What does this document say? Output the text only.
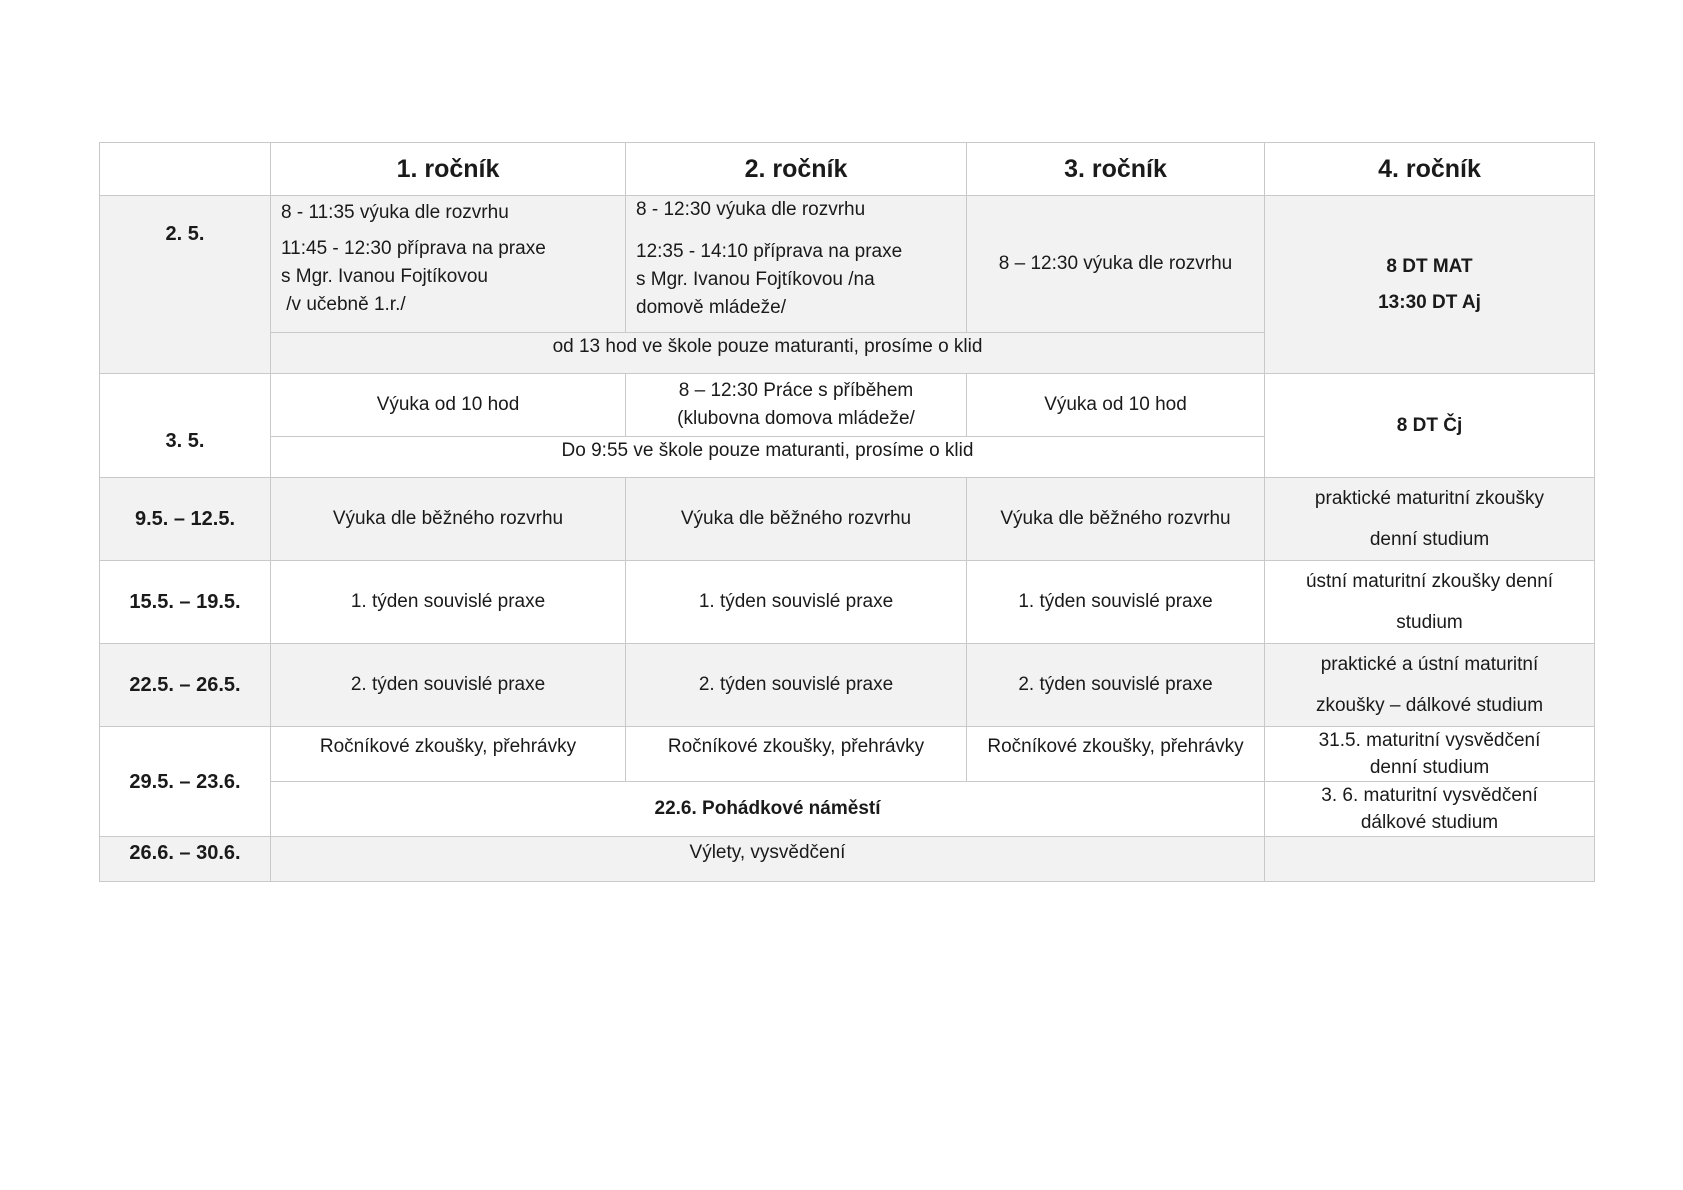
	1. ročník	2. ročník	3. ročník	4. ročník
2. 5.	8 - 11:35 výuka dle rozvrhu
11:45 - 12:30 příprava na praxe
s Mgr. Ivanou Fojtíkovou
/v učebně 1.r./	8 - 12:30 výuka dle rozvrhu
12:35 - 14:10 příprava na praxe
s Mgr. Ivanou Fojtíkovou /na
domově mládeže/	8 – 12:30 výuka dle rozvrhu	8 DT MAT
13:30 DT Aj

	od 13 hod ve škole pouze maturanti, prosíme o klid			
3. 5.	Výuka od 10 hod	8 – 12:30 Práce s příběhem
(klubovna domova mládeže/	Výuka od 10 hod	8 DT Čj
	Do 9:55 ve škole pouze maturanti, prosíme o klid			
9.5. – 12.5.	Výuka dle běžného rozvrhu	Výuka dle běžného rozvrhu	Výuka dle běžného rozvrhu	praktické maturitní zkoušky
denní studium

15.5. – 19.5.	1. týden souvislé praxe	1. týden souvislé praxe	1. týden souvislé praxe	ústní maturitní zkoušky denní
studium

22.5. – 26.5.	2. týden souvislé praxe	2. týden souvislé praxe	2. týden souvislé praxe	praktické a ústní maturitní
zkoušky – dálkové studium

29.5. – 23.6.	Ročníkové zkoušky, přehrávky	Ročníkové zkoušky, přehrávky	Ročníkové zkoušky, přehrávky	31.5. maturitní vysvědčení
denní studium

	22.6. Pohádkové náměstí			3. 6. maturitní vysvědčení
dálkové studium

26.6. – 30.6.	Výlety, vysvědčení			
